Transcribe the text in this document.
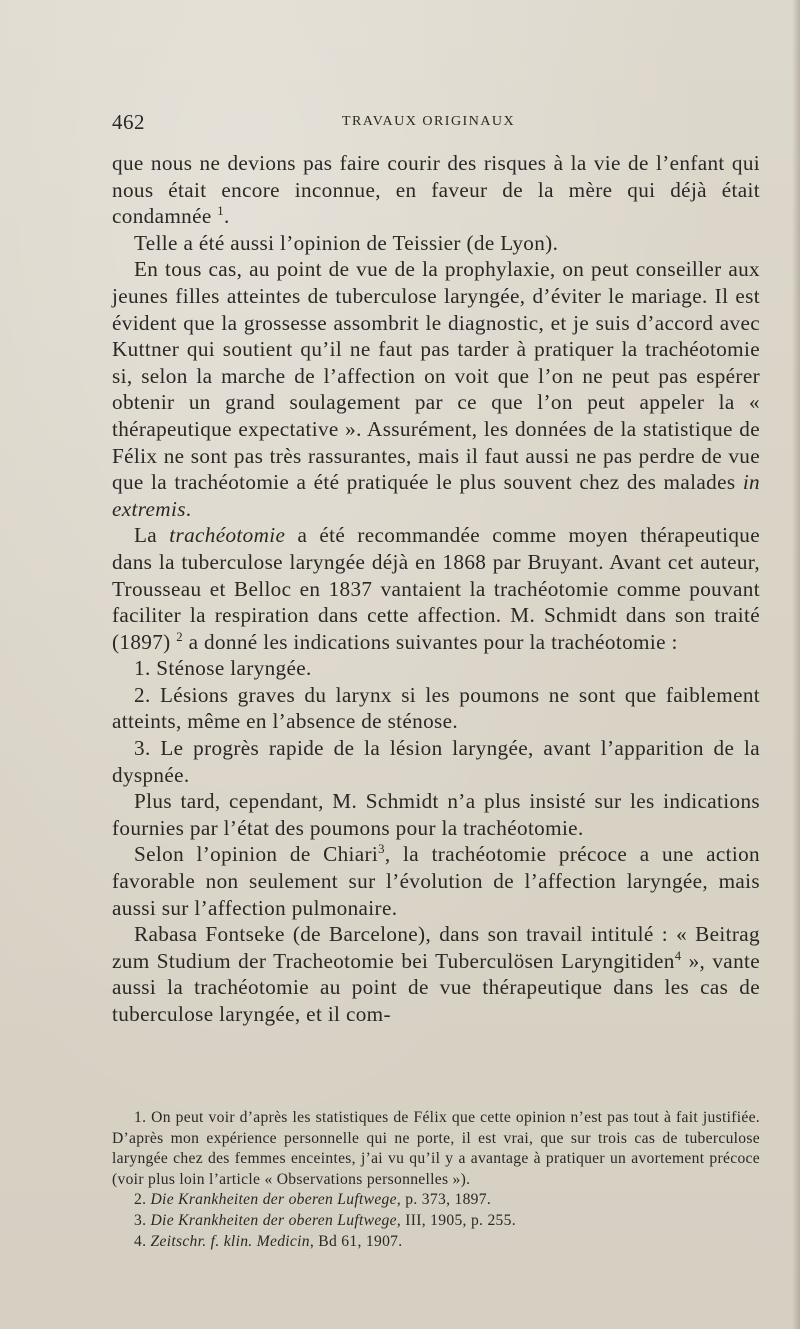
462	TRAVAUX ORIGINAUX

que nous ne devions pas faire courir des risques à la vie de l’enfant qui nous était encore inconnue, en faveur de la mère qui déjà était condamnée $^1$.

Telle a été aussi l’opinion de Teissier (de Lyon).

En tous cas, au point de vue de la prophylaxie, on peut conseiller aux jeunes filles atteintes de tuberculose laryngée, d’éviter le mariage. Il est évident que la grossesse assombrit le diagnostic, et je suis d’accord avec Kuttner qui soutient qu’il ne faut pas tarder à pratiquer la trachéotomie si, selon la marche de l’affection on voit que l’on ne peut pas espérer obtenir un grand soulagement par ce que l’on peut appeler la « thérapeutique expectative ». Assurément, les données de la statistique de Félix ne sont pas très rassurantes, mais il faut aussi ne pas perdre de vue que la trachéotomie a été pratiquée le plus souvent chez des malades in extremis.

La trachéotomie a été recommandée comme moyen thérapeutique dans la tuberculose laryngée déjà en 1868 par Bruyant. Avant cet auteur, Trousseau et Belloc en 1837 vantaient la trachéotomie comme pouvant faciliter la respiration dans cette affection. M. Schmidt dans son traité (1897) $^2$ a donné les indications suivantes pour la trachéotomie :

1. Sténose laryngée.

2. Lésions graves du larynx si les poumons ne sont que faiblement atteints, même en l’absence de sténose.

3. Le progrès rapide de la lésion laryngée, avant l’apparition de la dyspnée.

Plus tard, cependant, M. Schmidt n’a plus insisté sur les indications fournies par l’état des poumons pour la trachéotomie.

Selon l’opinion de Chiari$^3$, la trachéotomie précoce a une action favorable non seulement sur l’évolution de l’affection laryngée, mais aussi sur l’affection pulmonaire.

Rabasa Fontseke (de Barcelone), dans son travail intitulé : « Beitrag zum Studium der Tracheotomie bei Tuberculösen Laryngitiden$^4$ », vante aussi la trachéotomie au point de vue thérapeutique dans les cas de tuberculose laryngée, et il com-

1. On peut voir d’après les statistiques de Félix que cette opinion n’est pas tout à fait justifiée. D’après mon expérience personnelle qui ne porte, il est vrai, que sur trois cas de tuberculose laryngée chez des femmes enceintes, j’ai vu qu’il y a avantage à pratiquer un avortement précoce (voir plus loin l’article « Observations personnelles »).

2. Die Krankheiten der oberen Luftwege, p. 373, 1897.

3. Die Krankheiten der oberen Luftwege, III, 1905, p. 255.

4. Zeitschr. f. klin. Medicin, Bd 61, 1907.
